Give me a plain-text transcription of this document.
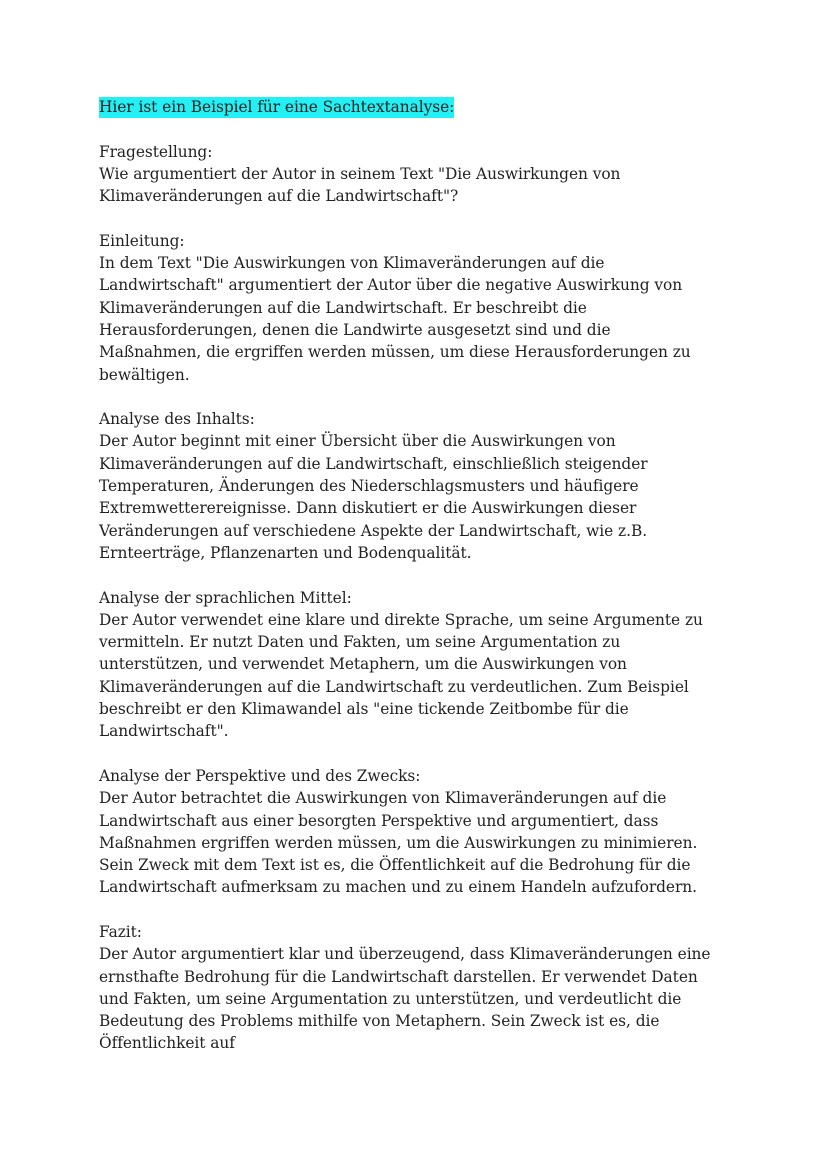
Hier ist ein Beispiel für eine Sachtextanalyse:
Fragestellung:
Wie argumentiert der Autor in seinem Text "Die Auswirkungen von
Klimaveränderungen auf die Landwirtschaft"?
Einleitung:
In dem Text "Die Auswirkungen von Klimaveränderungen auf die
Landwirtschaft" argumentiert der Autor über die negative Auswirkung von
Klimaveränderungen auf die Landwirtschaft. Er beschreibt die
Herausforderungen, denen die Landwirte ausgesetzt sind und die
Maßnahmen, die ergriffen werden müssen, um diese Herausforderungen zu
bewältigen.
Analyse des Inhalts:
Der Autor beginnt mit einer Übersicht über die Auswirkungen von
Klimaveränderungen auf die Landwirtschaft, einschließlich steigender
Temperaturen, Änderungen des Niederschlagsmusters und häufigere
Extremwetterereignisse. Dann diskutiert er die Auswirkungen dieser
Veränderungen auf verschiedene Aspekte der Landwirtschaft, wie z.B.
Ernteerträge, Pflanzenarten und Bodenqualität.
Analyse der sprachlichen Mittel:
Der Autor verwendet eine klare und direkte Sprache, um seine Argumente zu
vermitteln. Er nutzt Daten und Fakten, um seine Argumentation zu
unterstützen, und verwendet Metaphern, um die Auswirkungen von
Klimaveränderungen auf die Landwirtschaft zu verdeutlichen. Zum Beispiel
beschreibt er den Klimawandel als "eine tickende Zeitbombe für die
Landwirtschaft".
Analyse der Perspektive und des Zwecks:
Der Autor betrachtet die Auswirkungen von Klimaveränderungen auf die
Landwirtschaft aus einer besorgten Perspektive und argumentiert, dass
Maßnahmen ergriffen werden müssen, um die Auswirkungen zu minimieren.
Sein Zweck mit dem Text ist es, die Öffentlichkeit auf die Bedrohung für die
Landwirtschaft aufmerksam zu machen und zu einem Handeln aufzufordern.
Fazit:
Der Autor argumentiert klar und überzeugend, dass Klimaveränderungen eine
ernsthafte Bedrohung für die Landwirtschaft darstellen. Er verwendet Daten
und Fakten, um seine Argumentation zu unterstützen, und verdeutlicht die
Bedeutung des Problems mithilfe von Metaphern. Sein Zweck ist es, die
Öffentlichkeit auf
